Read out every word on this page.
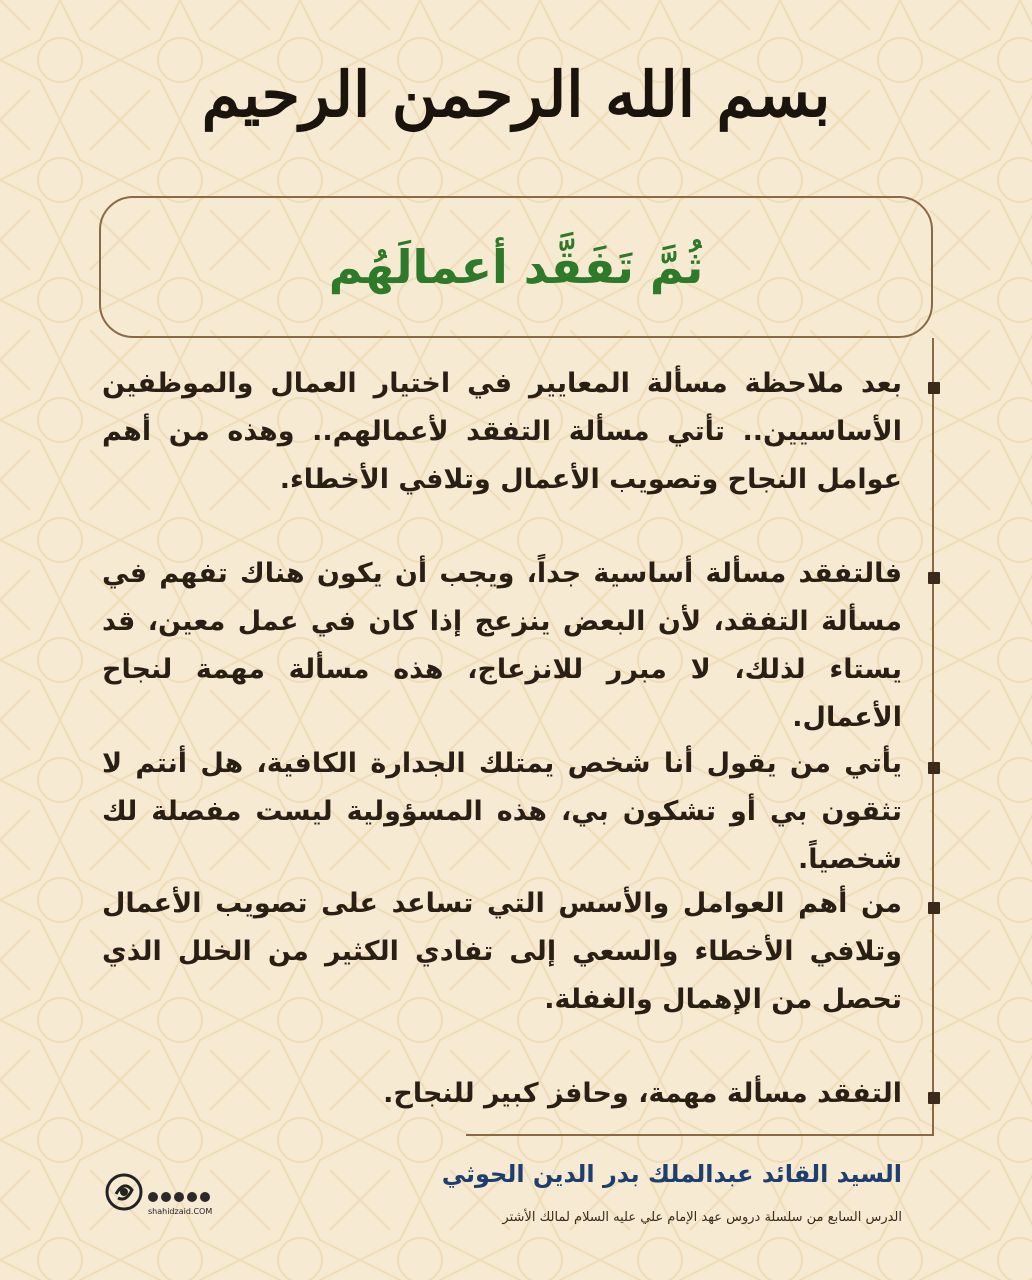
بسم الله الرحمن الرحيم
ثُمَّ تَفَقَّد أعمالَهُم

بعد ملاحظة مسألة المعايير في اختيار العمال والموظفين الأساسيين.. تأتي مسألة التفقد لأعمالهم.. وهذه من أهم عوامل النجاح وتصويب الأعمال وتلافي الأخطاء.

فالتفقد مسألة أساسية جداً، ويجب أن يكون هناك تفهم في مسألة التفقد، لأن البعض ينزعج إذا كان في عمل معين، قد يستاء لذلك، لا مبرر للانزعاج، هذه مسألة مهمة لنجاح الأعمال.

يأتي من يقول أنا شخص يمتلك الجدارة الكافية، هل أنتم لا تثقون بي أو تشكون بي، هذه المسؤولية ليست مفصلة لك شخصياً.

من أهم العوامل والأسس التي تساعد على تصويب الأعمال وتلافي الأخطاء والسعي إلى تفادي الكثير من الخلل الذي تحصل من الإهمال والغفلة.

التفقد مسألة مهمة، وحافز كبير للنجاح.

السيد القائد عبدالملك بدر الدين الحوثي
الدرس السابع من سلسلة دروس عهد الإمام علي عليه السلام لمالك الأشتر
shahidzaid.COM
